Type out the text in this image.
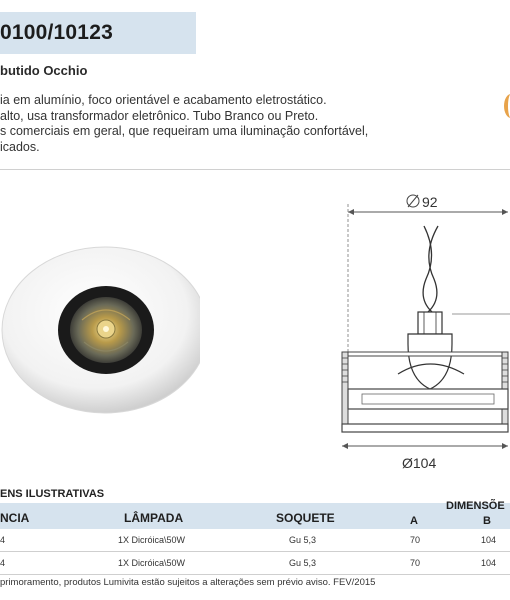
0100/10123
butido Occhio
ia em alumínio, foco orientável e acabamento eletrostático.
alto, usa transformador eletrônico. Tubo Branco ou Preto.
s comerciais em geral, que requeiram uma iluminação confortável,
icados.
92
Ø104
ENS ILUSTRATIVAS
NCIA	LÂMPADA	SOQUETE
DIMENSÕE
A	B
4	1X Dicróica\50W	Gu 5,3	70	104
4	1X Dicróica\50W	Gu 5,3	70	104
primoramento, produtos Lumivita estão sujeitos a alterações sem prévio aviso. FEV/2015
